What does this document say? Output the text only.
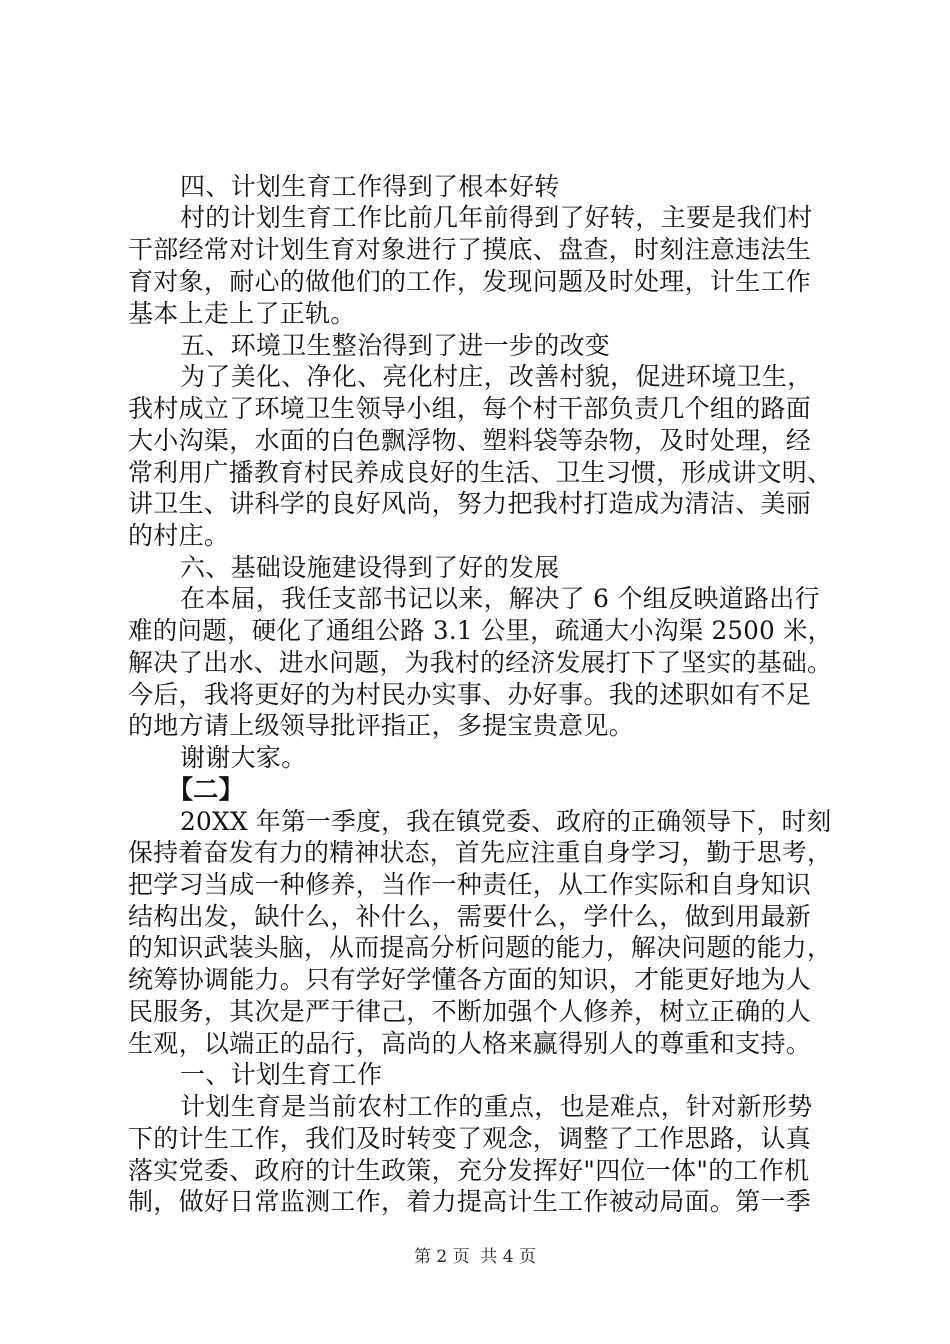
四、计划生育工作得到了根本好转
村的计划生育工作比前几年前得到了好转，主要是我们村
干部经常对计划生育对象进行了摸底、盘查，时刻注意违法生
育对象，耐心的做他们的工作，发现问题及时处理，计生工作
基本上走上了正轨。
五、环境卫生整治得到了进一步的改变
为了美化、净化、亮化村庄，改善村貌，促进环境卫生，
我村成立了环境卫生领导小组，每个村干部负责几个组的路面
大小沟渠，水面的白色飘浮物、塑料袋等杂物，及时处理，经
常利用广播教育村民养成良好的生活、卫生习惯，形成讲文明、
讲卫生、讲科学的良好风尚，努力把我村打造成为清洁、美丽
的村庄。
六、基础设施建设得到了好的发展
在本届，我任支部书记以来，解决了 6 个组反映道路出行
难的问题，硬化了通组公路 3.1 公里，疏通大小沟渠 2500 米，
解决了出水、进水问题，为我村的经济发展打下了坚实的基础。
今后，我将更好的为村民办实事、办好事。我的述职如有不足
的地方请上级领导批评指正，多提宝贵意见。
谢谢大家。
【二】
20XX 年第一季度，我在镇党委、政府的正确领导下，时刻
保持着奋发有力的精神状态，首先应注重自身学习，勤于思考，
把学习当成一种修养，当作一种责任，从工作实际和自身知识
结构出发，缺什么，补什么，需要什么，学什么，做到用最新
的知识武装头脑，从而提高分析问题的能力，解决问题的能力，
统筹协调能力。只有学好学懂各方面的知识，才能更好地为人
民服务，其次是严于律己，不断加强个人修养，树立正确的人
生观，以端正的品行，高尚的人格来赢得别人的尊重和支持。
一、计划生育工作
计划生育是当前农村工作的重点，也是难点，针对新形势
下的计生工作，我们及时转变了观念，调整了工作思路，认真
落实党委、政府的计生政策，充分发挥好"四位一体"的工作机
制，做好日常监测工作，着力提高计生工作被动局面。第一季
第 2 页  共 4 页
